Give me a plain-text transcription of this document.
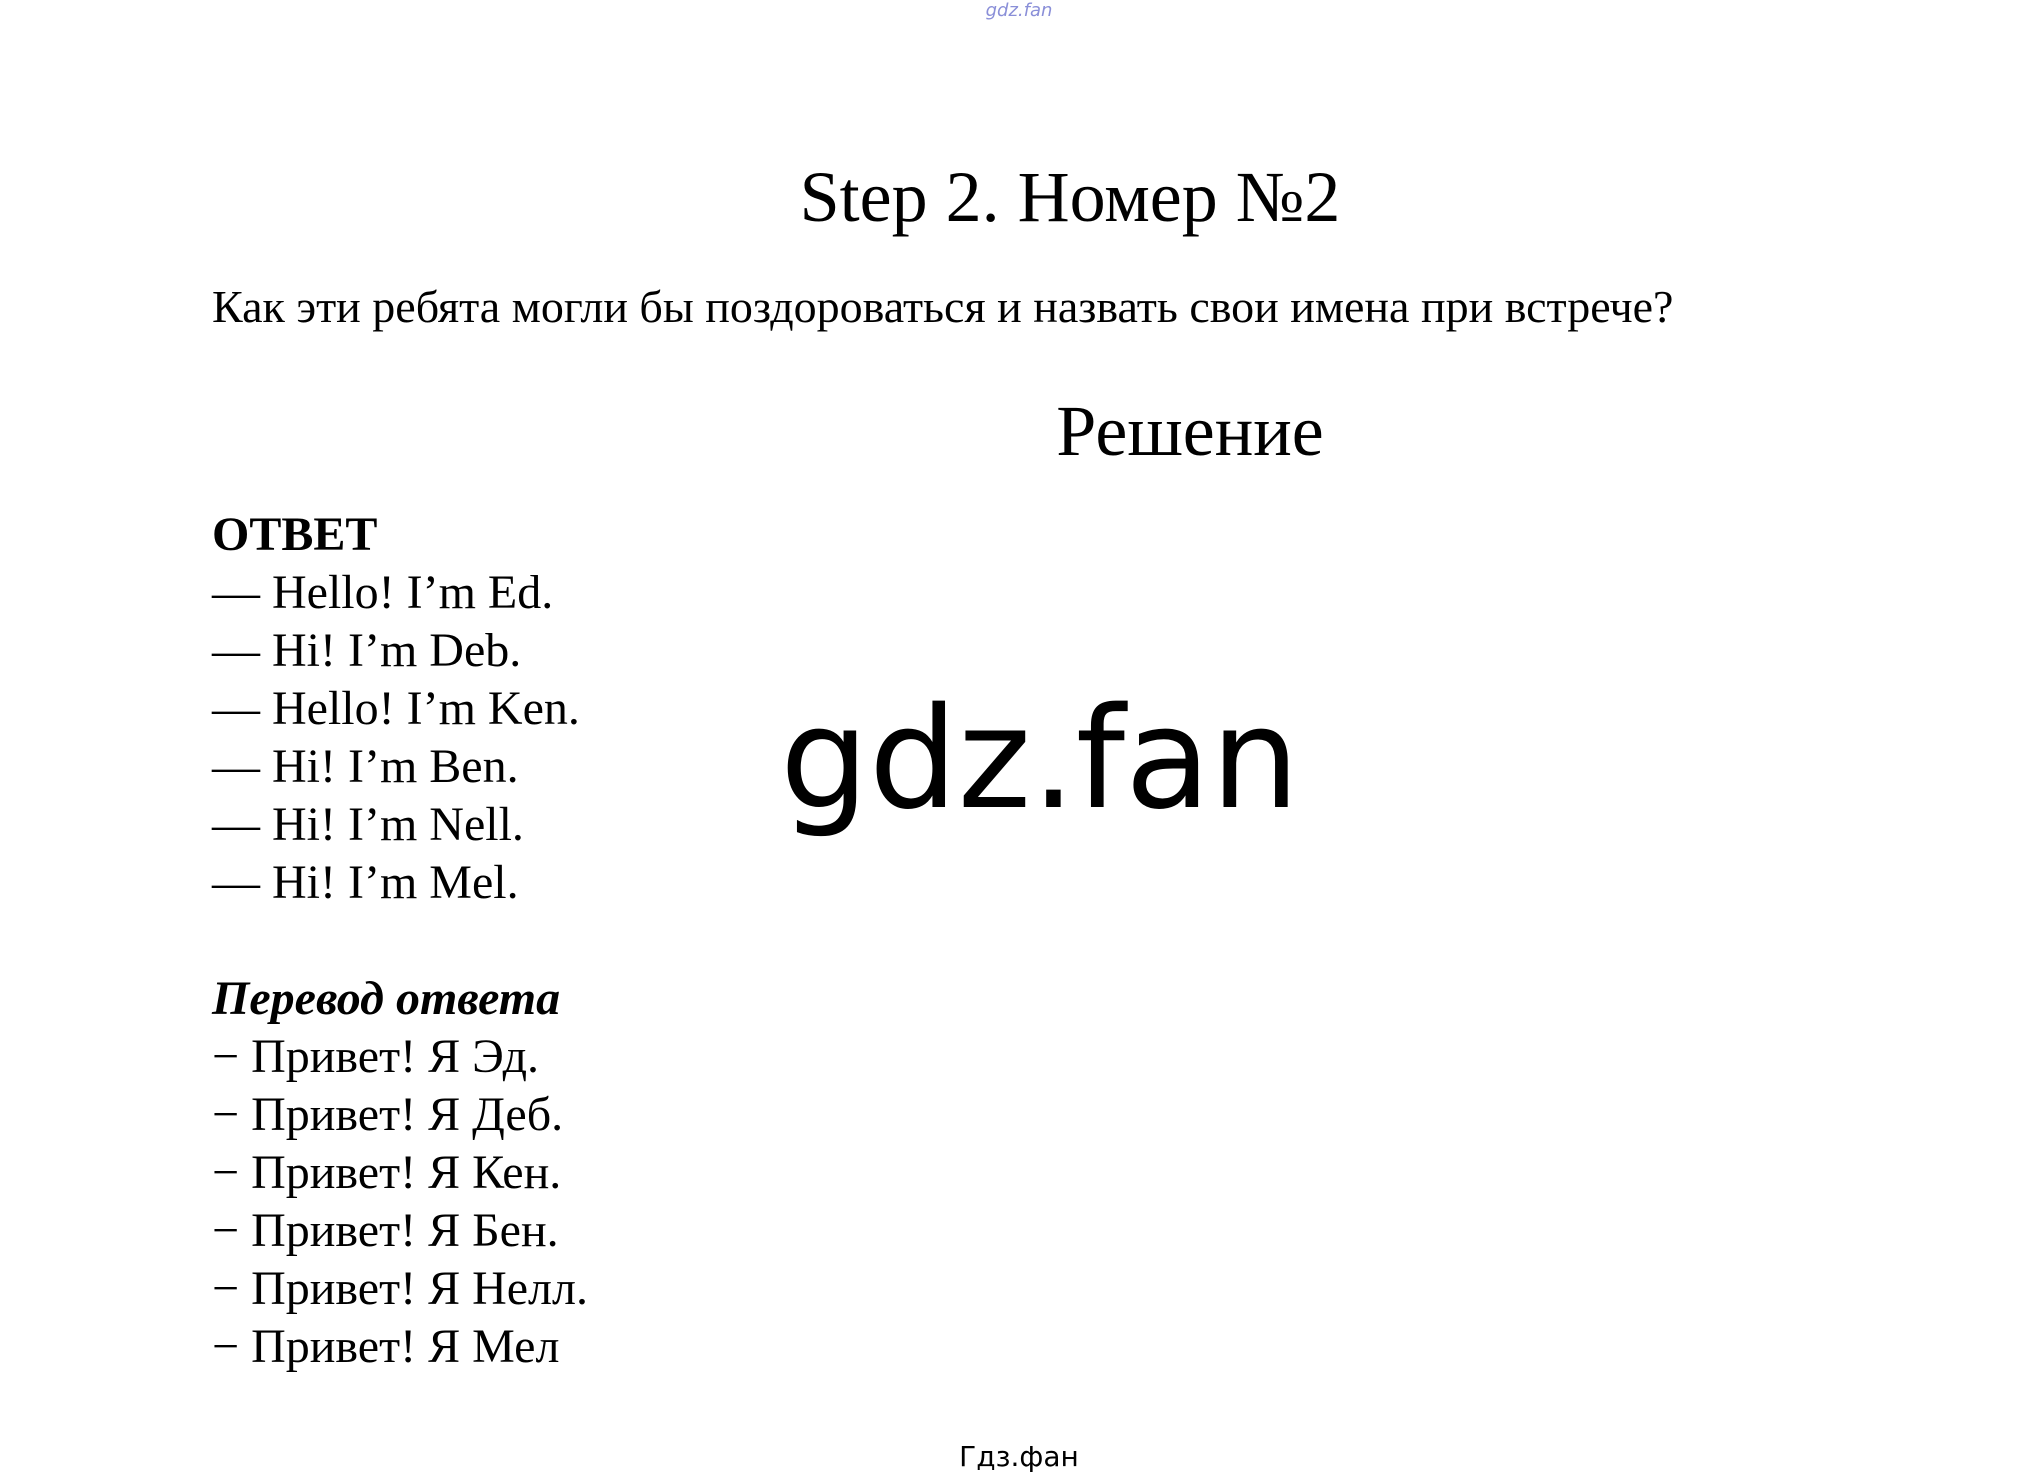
gdz.fan
Step 2. Номер №2
Как эти ребята могли бы поздороваться и назвать свои имена при встрече?
Решение
ОТВЕТ
— Hello! I’m Ed.
— Hi! I’m Deb.
— Hello! I’m Ken.
— Hi! I’m Ben.
— Hi! I’m Nell.
— Hi! I’m Mel.
gdz.fan
Перевод ответа
− Привет! Я Эд.
− Привет! Я Деб.
− Привет! Я Кен.
− Привет! Я Бен.
− Привет! Я Нелл.
− Привет! Я Мел
Гдз.фан
